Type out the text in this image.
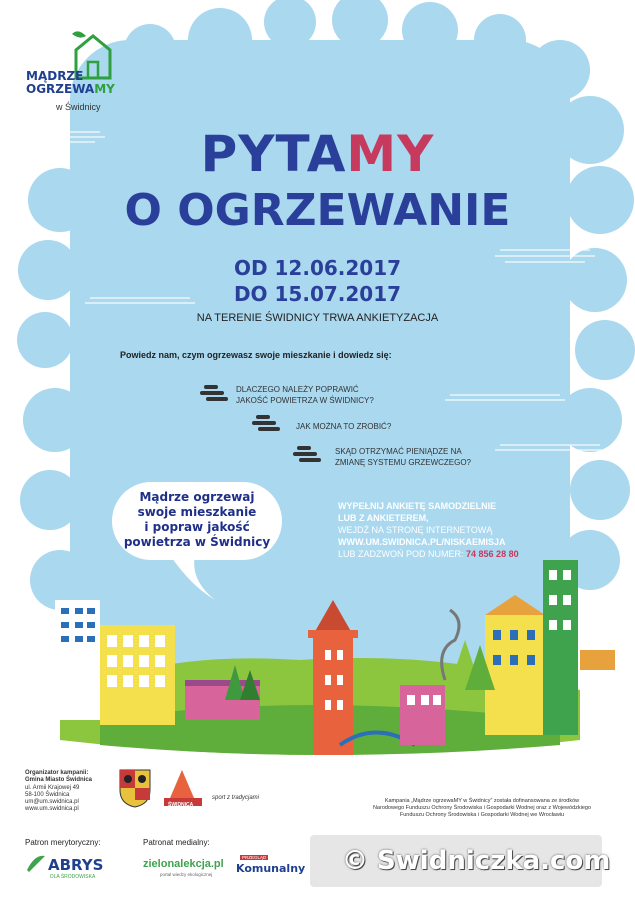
MĄDRZE
OGRZEWAMY
w Świdnicy
PYTAMY
O OGRZEWANIE
OD 12.06.2017
DO 15.07.2017
NA TERENIE ŚWIDNICY TRWA ANKIETYZACJA
Powiedz nam, czym ogrzewasz swoje mieszkanie i dowiedz się:
DLACZEGO NALEŻY POPRAWIĆ
JAKOŚĆ POWIETRZA W ŚWIDNICY?
JAK MOŻNA TO ZROBIĆ?
SKĄD OTRZYMAĆ PIENIĄDZE NA
ZMIANĘ SYSTEMU GRZEWCZEGO?
Mądrze ogrzewaj
swoje mieszkanie
i popraw jakość
powietrza w Świdnicy
WYPEŁNIJ ANKIETĘ SAMODZIELNIE
LUB Z ANKIETEREM,
WEJDŹ NA STRONĘ INTERNETOWĄ
WWW.UM.SWIDNICA.PL/NISKAEMISJA
LUB ZADZWOŃ POD NUMER: 74 856 28 80
Organizator kampanii:
Gmina Miasto Świdnica
ul. Armii Krajowej 49
58-100 Świdnica
um@um.swidnica.pl
www.um.swidnica.pl
ŚWIDNICA
sport z tradycjami
Patron merytoryczny:
ABRYS
DLA ŚRODOWISKA
Patronat medialny:
zielonalekcja.pl
portal wiedzy ekologicznej
PRZEGLĄD
Komunalny
Kampania „Mądrze ogrzewaMY w Świdnicy” została dofinansowana ze środków
Narodowego Funduszu Ochrony Środowiska i Gospodarki Wodnej oraz z Wojewódzkiego
Funduszu Ochrony Środowiska i Gospodarki Wodnej we Wrocławiu
© Swidniczka.com
